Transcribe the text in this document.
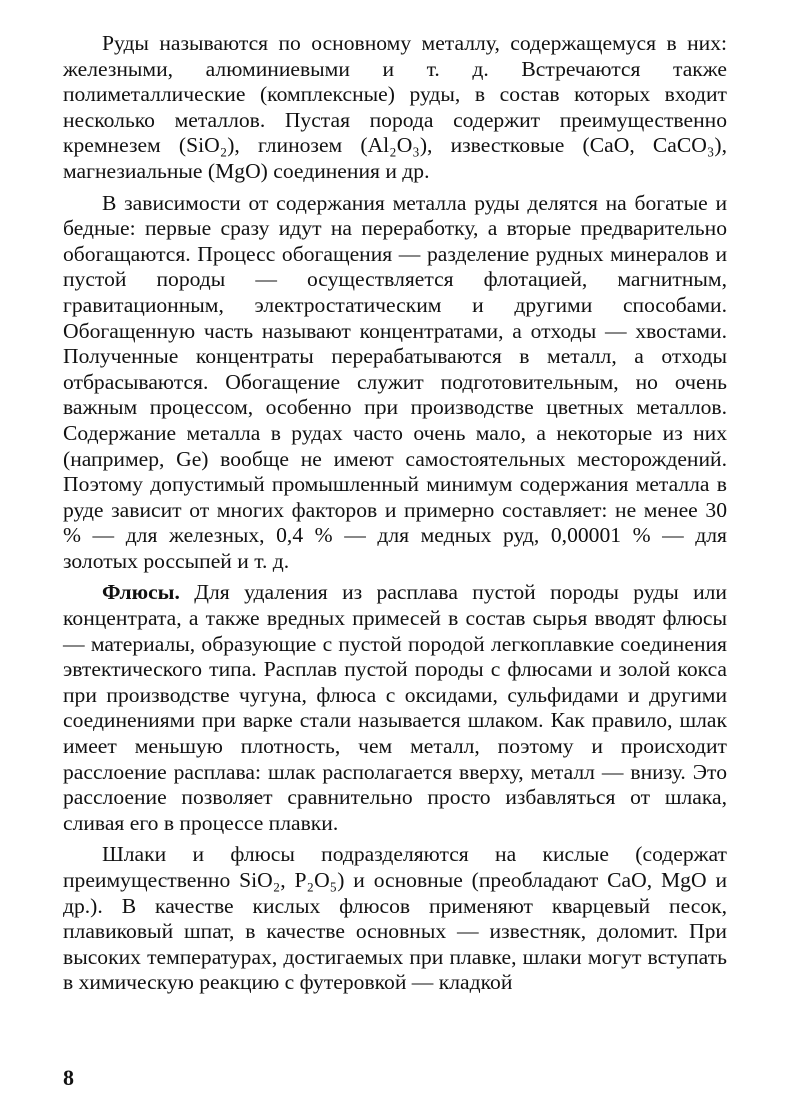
Руды называются по основному металлу, содержащемуся в них: железными, алюминиевыми и т. д. Встречаются также полиметаллические (комплексные) руды, в состав которых входит несколько металлов. Пустая порода содержит преимущественно кремнезем (SiO₂), глинозем (Al₂O₃), известковые (CaO, CaCO₃), магнезиальные (MgO) соединения и др.

В зависимости от содержания металла руды делятся на богатые и бедные: первые сразу идут на переработку, а вторые предварительно обогащаются. Процесс обогащения — разделение рудных минералов и пустой породы — осуществляется флотацией, магнитным, гравитационным, электростатическим и другими способами. Обогащенную часть называют концентратами, а отходы — хвостами. Полученные концентраты перерабатываются в металл, а отходы отбрасываются. Обогащение служит подготовительным, но очень важным процессом, особенно при производстве цветных металлов. Содержание металла в рудах часто очень мало, а некоторые из них (например, Ge) вообще не имеют самостоятельных месторождений. Поэтому допустимый промышленный минимум содержания металла в руде зависит от многих факторов и примерно составляет: не менее 30 % — для железных, 0,4 % — для медных руд, 0,00001 % — для золотых россыпей и т. д.

Флюсы. Для удаления из расплава пустой породы руды или концентрата, а также вредных примесей в состав сырья вводят флюсы — материалы, образующие с пустой породой легкоплавкие соединения эвтектического типа. Расплав пустой породы с флюсами и золой кокса при производстве чугуна, флюса с оксидами, сульфидами и другими соединениями при варке стали называется шлаком. Как правило, шлак имеет меньшую плотность, чем металл, поэтому и происходит расслоение расплава: шлак располагается вверху, металл — внизу. Это расслоение позволяет сравнительно просто избавляться от шлака, сливая его в процессе плавки.

Шлаки и флюсы подразделяются на кислые (содержат преимущественно SiO₂, P₂O₅) и основные (преобладают CaO, MgO и др.). В качестве кислых флюсов применяют кварцевый песок, плавиковый шпат, в качестве основных — известняк, доломит. При высоких температурах, достигаемых при плавке, шлаки могут вступать в химическую реакцию с футеровкой — кладкой

8
